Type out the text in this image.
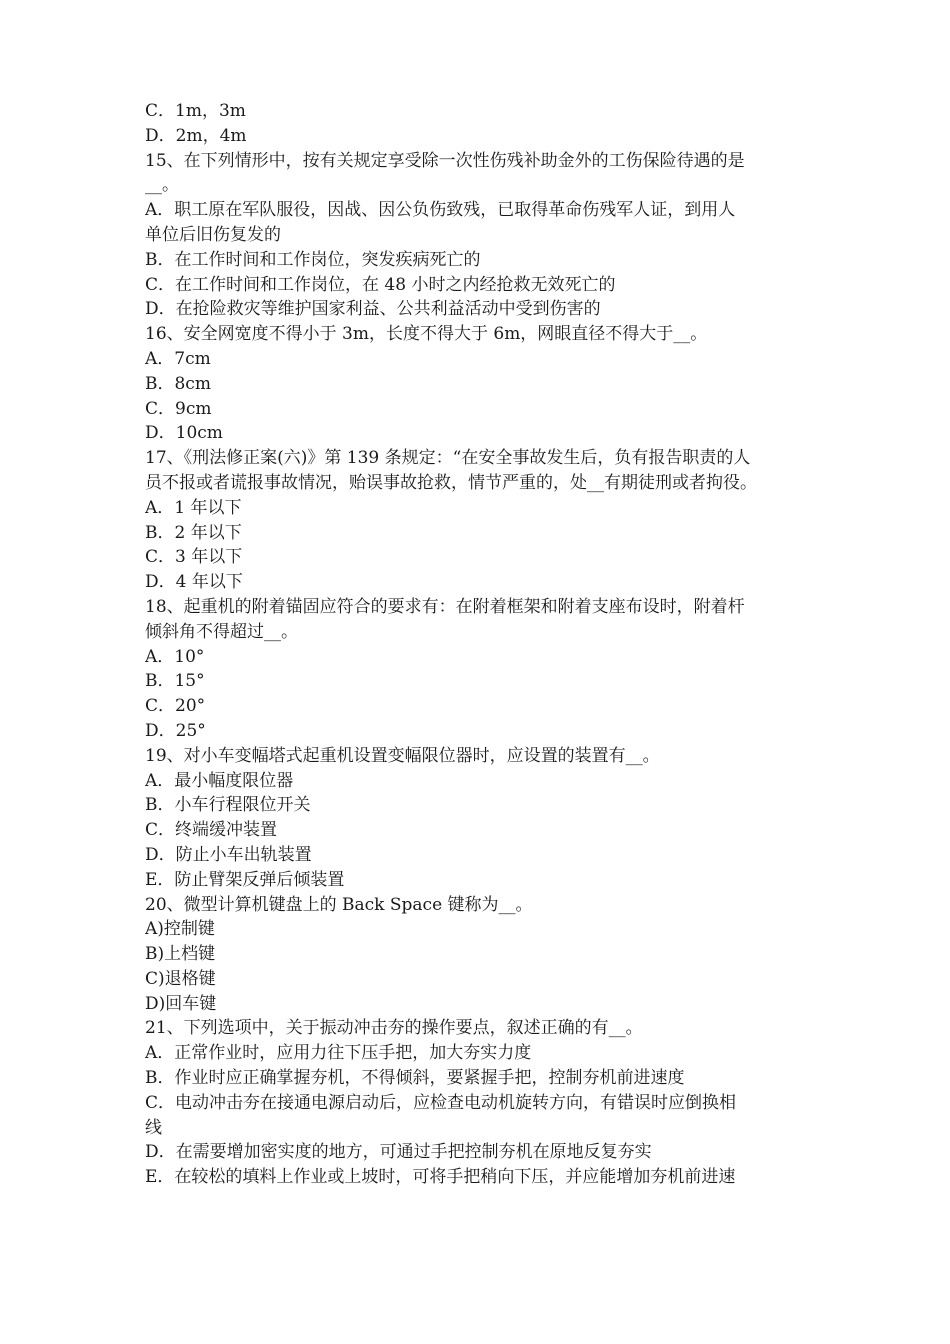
C．1m，3m
D．2m，4m
15、在下列情形中，按有关规定享受除一次性伤残补助金外的工伤保险待遇的是
__。
A．职工原在军队服役，因战、因公负伤致残，已取得革命伤残军人证，到用人
单位后旧伤复发的
B．在工作时间和工作岗位，突发疾病死亡的
C．在工作时间和工作岗位，在 48 小时之内经抢救无效死亡的
D．在抢险救灾等维护国家利益、公共利益活动中受到伤害的
16、安全网宽度不得小于 3m，长度不得大于 6m，网眼直径不得大于__。
A．7cm
B．8cm
C．9cm
D．10cm
17、《刑法修正案(六)》第 139 条规定：“在安全事故发生后，负有报告职责的人
员不报或者谎报事故情况，贻误事故抢救，情节严重的，处__有期徒刑或者拘役。
A．1 年以下
B．2 年以下
C．3 年以下
D．4 年以下
18、起重机的附着锚固应符合的要求有：在附着框架和附着支座布设时，附着杆
倾斜角不得超过__。
A．10°
B．15°
C．20°
D．25°
19、对小车变幅塔式起重机设置变幅限位器时，应设置的装置有__。
A．最小幅度限位器
B．小车行程限位开关
C．终端缓冲装置
D．防止小车出轨装置
E．防止臂架反弹后倾装置
20、微型计算机键盘上的 Back Space 键称为__。
A)控制键
B)上档键
C)退格键
D)回车键
21、下列选项中，关于振动冲击夯的操作要点，叙述正确的有__。
A．正常作业时，应用力往下压手把，加大夯实力度
B．作业时应正确掌握夯机，不得倾斜，要紧握手把，控制夯机前进速度
C．电动冲击夯在接通电源启动后，应检查电动机旋转方向，有错误时应倒换相
线
D．在需要增加密实度的地方，可通过手把控制夯机在原地反复夯实
E．在较松的填料上作业或上坡时，可将手把稍向下压，并应能增加夯机前进速
